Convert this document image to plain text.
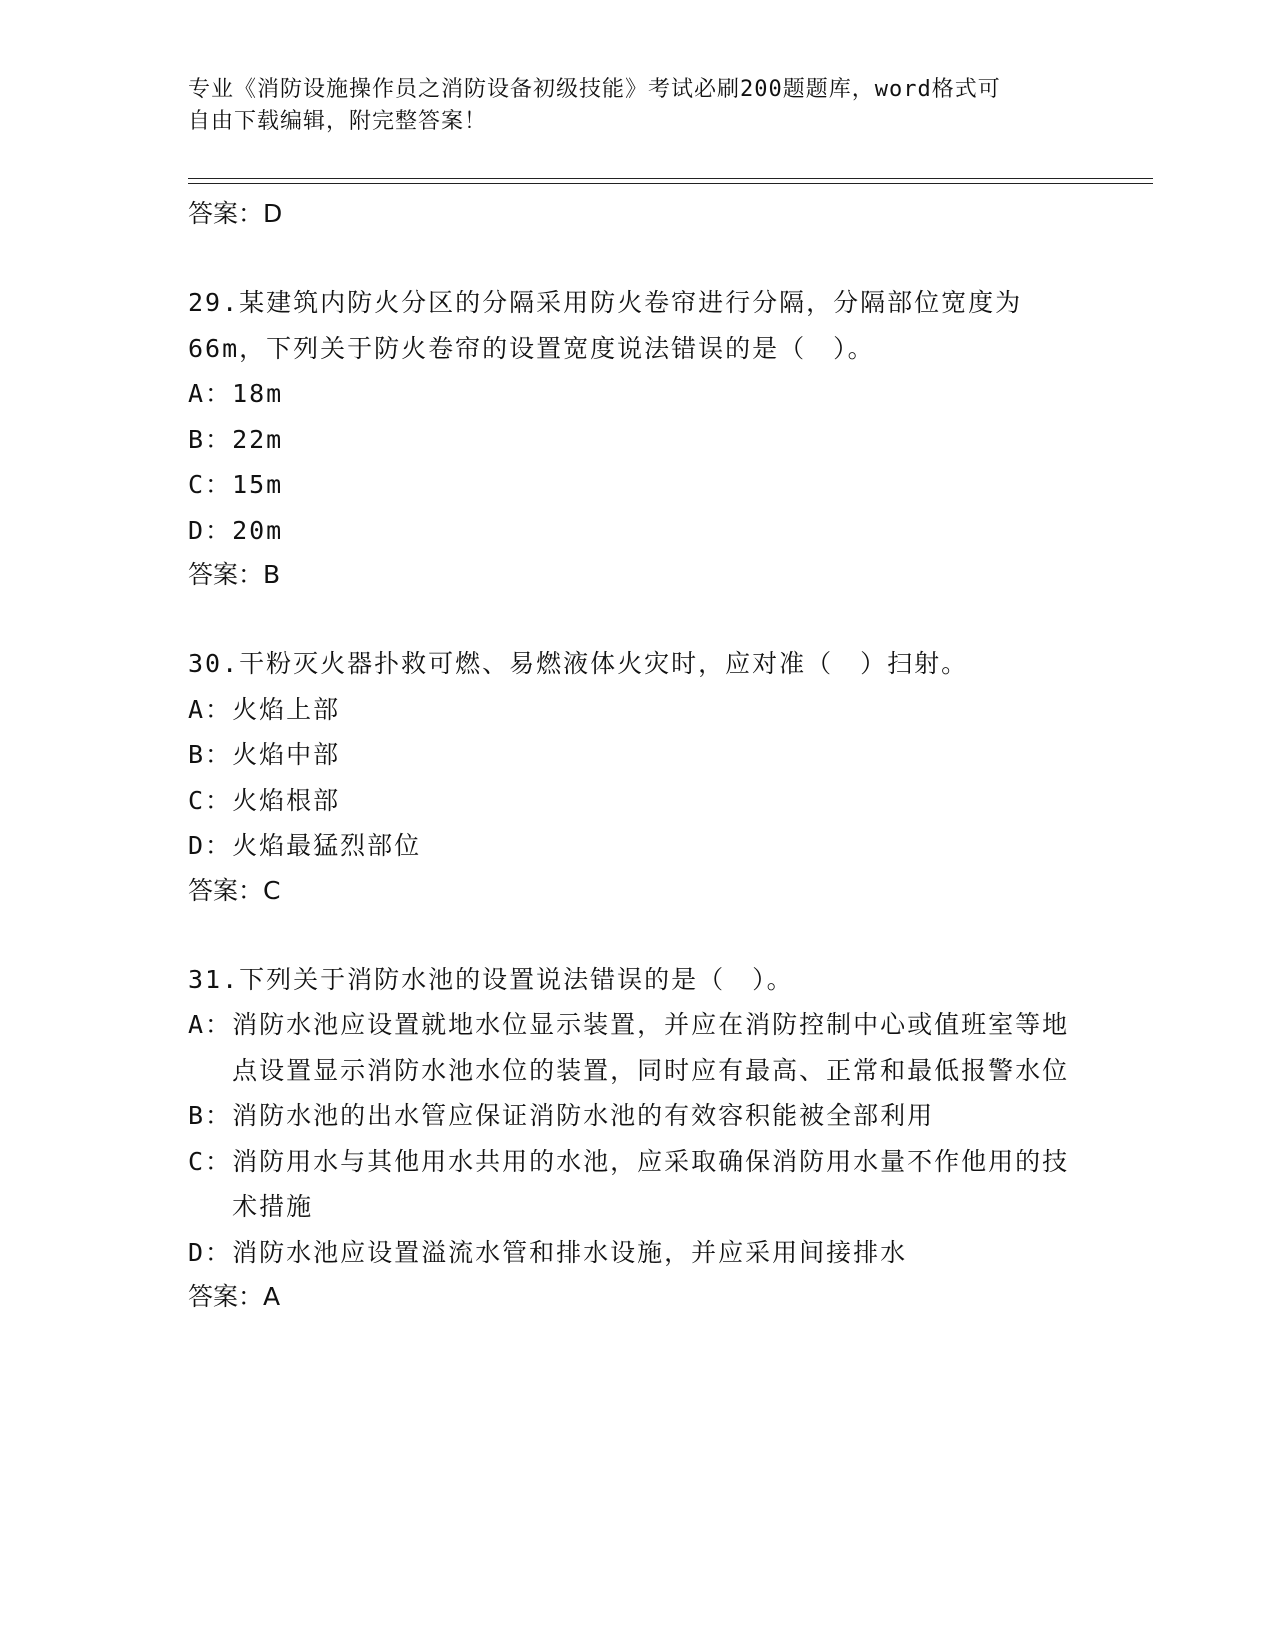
专业《消防设施操作员之消防设备初级技能》考试必刷200题题库，word格式可
自由下载编辑，附完整答案！

答案：D

29.某建筑内防火分区的分隔采用防火卷帘进行分隔，分隔部位宽度为66m，下列关于防火卷帘的设置宽度说法错误的是（　）。

A： 18m
B： 22m
C： 15m
D： 20m

答案：B

30.干粉灭火器扑救可燃、易燃液体火灾时，应对准（　）扫射。

A： 火焰上部
B： 火焰中部
C： 火焰根部
D： 火焰最猛烈部位

答案：C

31.下列关于消防水池的设置说法错误的是（　）。

A： 消防水池应设置就地水位显示装置，并应在消防控制中心或值班室等地点设置显示消防水池水位的装置，同时应有最高、正常和最低报警水位
B： 消防水池的出水管应保证消防水池的有效容积能被全部利用
C： 消防用水与其他用水共用的水池，应采取确保消防用水量不作他用的技术措施
D： 消防水池应设置溢流水管和排水设施，并应采用间接排水

答案：A
